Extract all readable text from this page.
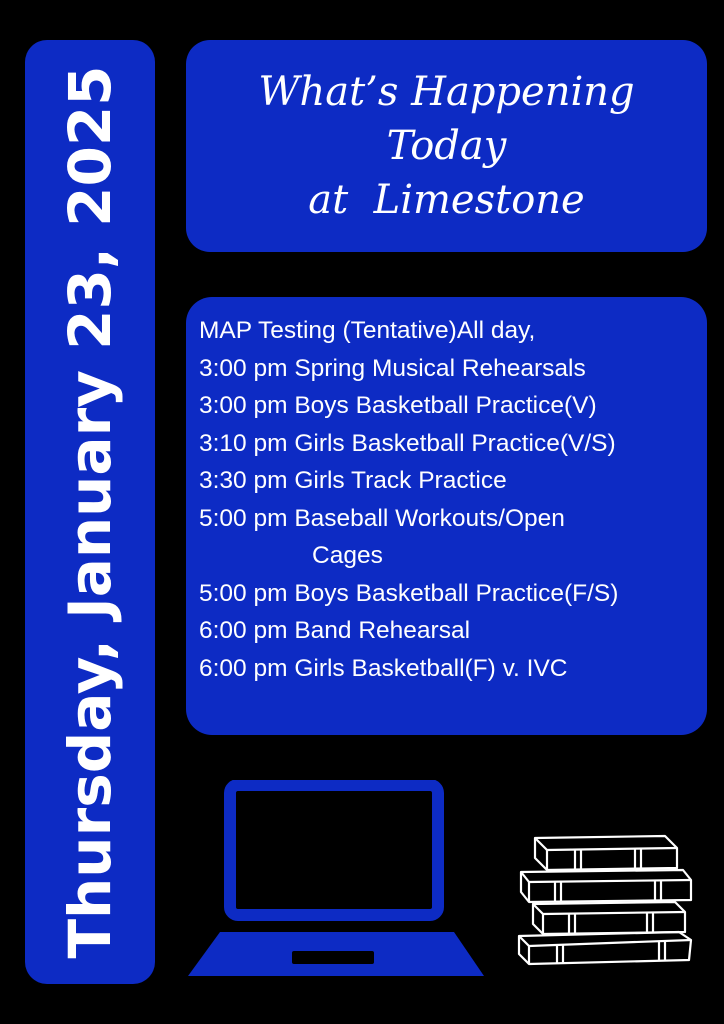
Thursday, January 23, 2025	What’s Happening
Today
at  Limestone
MAP Testing (Tentative)All day,
3:00 pm Spring Musical Rehearsals
3:00 pm Boys Basketball Practice(V)
3:10 pm Girls Basketball Practice(V/S)
3:30 pm Girls Track Practice
5:00 pm Baseball Workouts/Open
Cages
5:00 pm Boys Basketball Practice(F/S)
6:00 pm Band Rehearsal
6:00 pm Girls Basketball(F) v. IVC
